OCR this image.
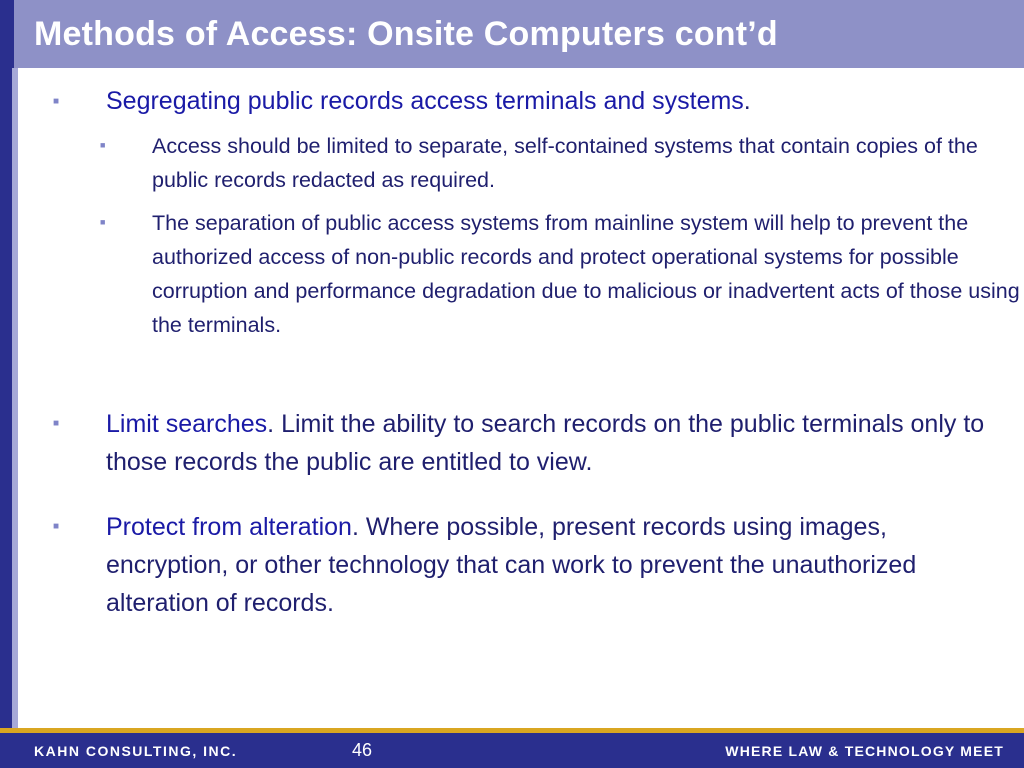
Methods of Access: Onsite Computers cont’d
■ Segregating public records access terminals and systems.
■ Access should be limited to separate, self-contained systems that contain copies of the public records redacted as required.
■ The separation of public access systems from mainline system will help to prevent the authorized access of non-public records and protect operational systems for possible corruption and performance degradation due to malicious or inadvertent acts of those using the terminals.
■ Limit searches. Limit the ability to search records on the public terminals only to those records the public are entitled to view.
■ Protect from alteration. Where possible, present records using images, encryption, or other technology that can work to prevent the unauthorized alteration of records.
KAHN CONSULTING, INC.	46	WHERE LAW & TECHNOLOGY MEET
